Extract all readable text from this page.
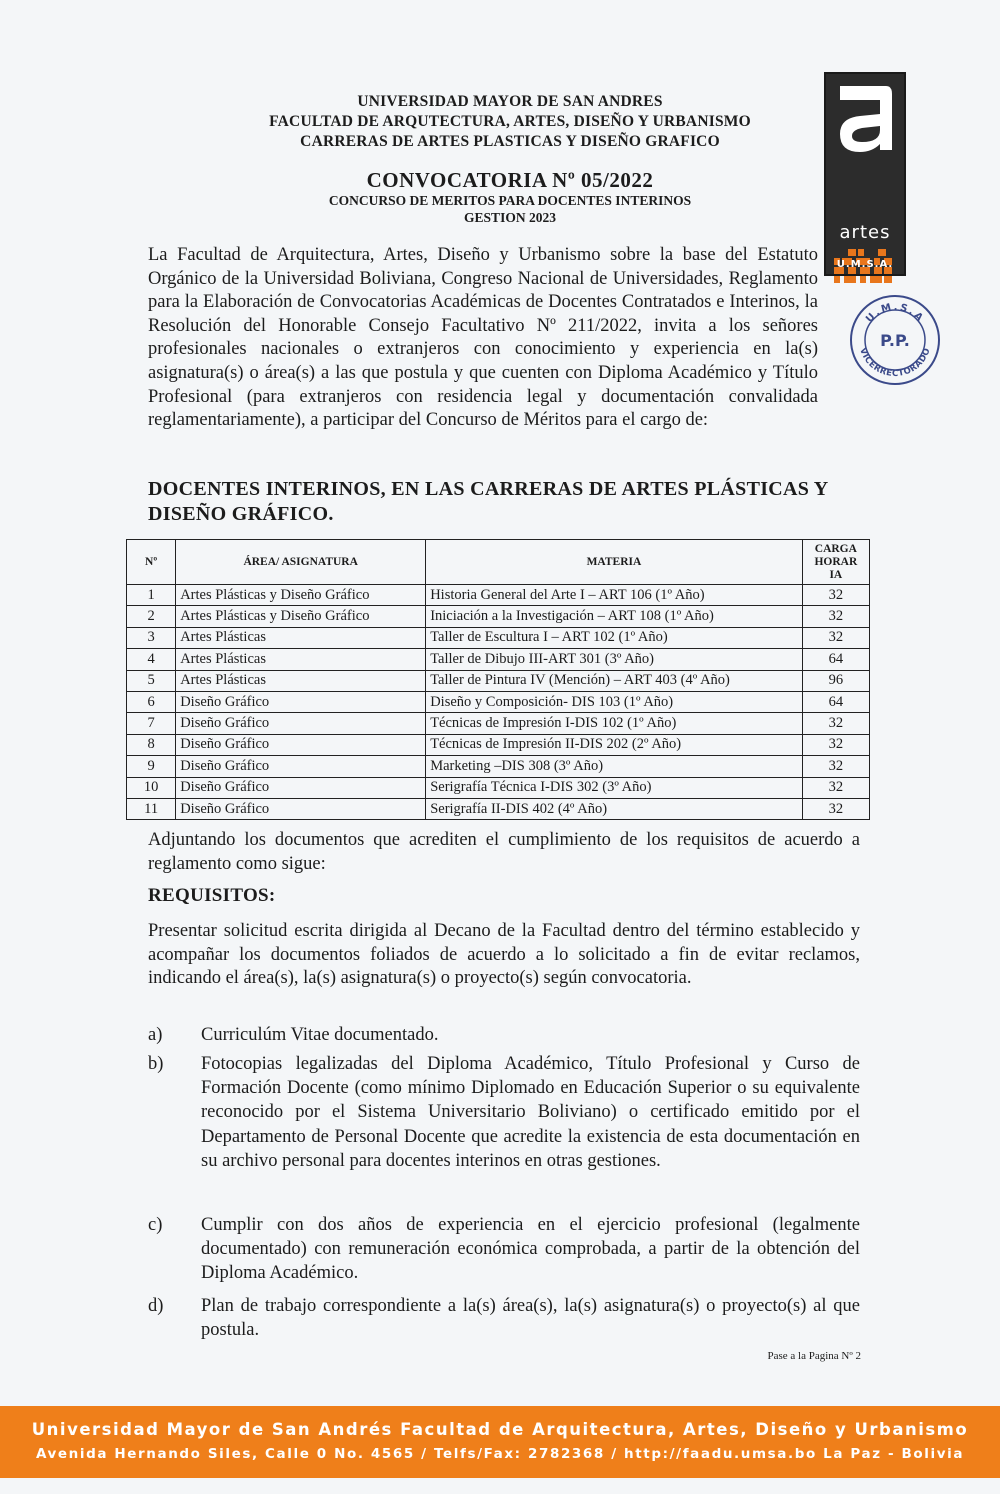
UNIVERSIDAD MAYOR DE SAN ANDRES
FACULTAD DE ARQUTECTURA, ARTES, DISEÑO Y URBANISMO
CARRERAS DE ARTES PLASTICAS Y DISEÑO GRAFICO
artes
U.M.S.A.
U.M.S.A
VICERRECTORADO
P.P.
CONVOCATORIA Nº 05/2022
CONCURSO DE MERITOS PARA DOCENTES INTERINOS
GESTION 2023
La Facultad de Arquitectura, Artes, Diseño y Urbanismo sobre la base del Estatuto Orgánico de la Universidad Boliviana, Congreso Nacional de Universidades, Reglamento para la Elaboración de Convocatorias Académicas de Docentes Contratados e Interinos, la Resolución del Honorable Consejo Facultativo Nº 211/2022, invita a los señores profesionales nacionales o extranjeros con conocimiento y experiencia en la(s) asignatura(s) o área(s) a las que postula y que cuenten con Diploma Académico y Título Profesional (para extranjeros con residencia legal y documentación convalidada reglamentariamente), a participar del Concurso de Méritos para el cargo de:
DOCENTES INTERINOS, EN LAS CARRERAS DE ARTES PLÁSTICAS Y DISEÑO GRÁFICO.
Nº	ÁREA/ ASIGNATURA	MATERIA	CARGA HORAR IA
1	Artes Plásticas y Diseño Gráfico	Historia General del Arte I – ART 106 (1º Año)	32
2	Artes Plásticas y Diseño Gráfico	Iniciación a la Investigación – ART 108 (1º Año)	32
3	Artes Plásticas	Taller de Escultura I – ART 102 (1º Año)	32
4	Artes Plásticas	Taller de Dibujo III-ART 301 (3º Año)	64
5	Artes Plásticas	Taller de Pintura IV (Mención) – ART 403 (4º Año)	96
6	Diseño Gráfico	Diseño y Composición- DIS 103 (1º Año)	64
7	Diseño Gráfico	Técnicas de Impresión I-DIS 102 (1º Año)	32
8	Diseño Gráfico	Técnicas de Impresión II-DIS 202 (2º Año)	32
9	Diseño Gráfico	Marketing –DIS 308 (3º Año)	32
10	Diseño Gráfico	Serigrafía Técnica I-DIS 302 (3º Año)	32
11	Diseño Gráfico	Serigrafía II-DIS 402 (4º Año)	32
Adjuntando los documentos que acrediten el cumplimiento de los requisitos de acuerdo a reglamento como sigue:
REQUISITOS:
Presentar solicitud escrita dirigida al Decano de la Facultad dentro del término establecido y acompañar los documentos foliados de acuerdo a lo solicitado a fin de evitar reclamos, indicando el área(s), la(s) asignatura(s) o proyecto(s) según convocatoria.
a) Curriculúm Vitae documentado.
b) Fotocopias legalizadas del Diploma Académico, Título Profesional y Curso de Formación Docente (como mínimo Diplomado en Educación Superior o su equivalente reconocido por el Sistema Universitario Boliviano) o certificado emitido por el Departamento de Personal Docente que acredite la existencia de esta documentación en su archivo personal para docentes interinos en otras gestiones.
c) Cumplir con dos años de experiencia en el ejercicio profesional (legalmente documentado) con remuneración económica comprobada, a partir de la obtención del Diploma Académico.
d) Plan de trabajo correspondiente a la(s) área(s), la(s) asignatura(s) o proyecto(s) al que postula.
Pase a la Pagina Nº 2
Universidad Mayor de San Andrés Facultad de Arquitectura, Artes, Diseño y Urbanismo
Avenida Hernando Siles, Calle 0 No. 4565 / Telfs/Fax: 2782368 / http://faadu.umsa.bo La Paz - Bolivia
